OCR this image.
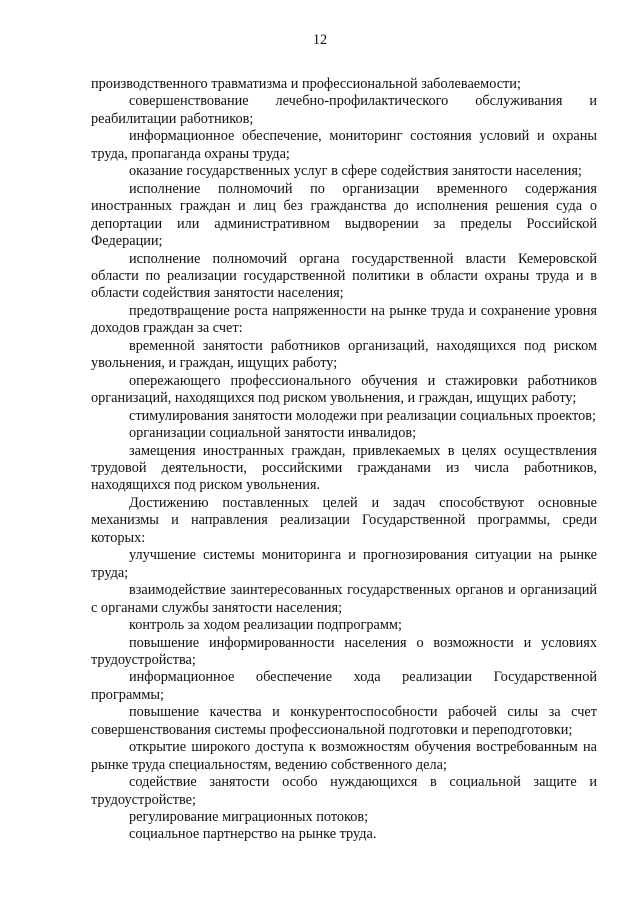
12

производственного травматизма и профессиональной заболеваемости;

совершенствование лечебно-профилактического обслуживания и реабилитации работников;

информационное обеспечение, мониторинг состояния условий и охраны труда, пропаганда охраны труда;

оказание государственных услуг в сфере содействия занятости населения;

исполнение полномочий по организации временного содержания иностранных граждан и лиц без гражданства до исполнения решения суда о депортации или административном выдворении за пределы Российской Федерации;

исполнение полномочий органа государственной власти Кемеровской области по реализации государственной политики в области охраны труда и в области содействия занятости населения;

предотвращение роста напряженности на рынке труда и сохранение уровня доходов граждан за счет:

временной занятости работников организаций, находящихся под риском увольнения, и граждан, ищущих работу;

опережающего профессионального обучения и стажировки работников организаций, находящихся под риском увольнения, и граждан, ищущих работу;

стимулирования занятости молодежи при реализации социальных проектов;

организации социальной занятости инвалидов;

замещения иностранных граждан, привлекаемых в целях осуществления трудовой деятельности, российскими гражданами из числа работников, находящихся под риском увольнения.

Достижению поставленных целей и задач способствуют основные механизмы и направления реализации Государственной программы, среди которых:

улучшение системы мониторинга и прогнозирования ситуации на рынке труда;

взаимодействие заинтересованных государственных органов и организаций с органами службы занятости населения;

контроль за ходом реализации подпрограмм;

повышение информированности населения о возможности и условиях трудоустройства;

информационное обеспечение хода реализации Государственной программы;

повышение качества и конкурентоспособности рабочей силы за счет совершенствования системы профессиональной подготовки и переподготовки;

открытие широкого доступа к возможностям обучения востребованным на рынке труда специальностям, ведению собственного дела;

содействие занятости особо нуждающихся в социальной защите и трудоустройстве;

регулирование миграционных потоков;

социальное партнерство на рынке труда.
